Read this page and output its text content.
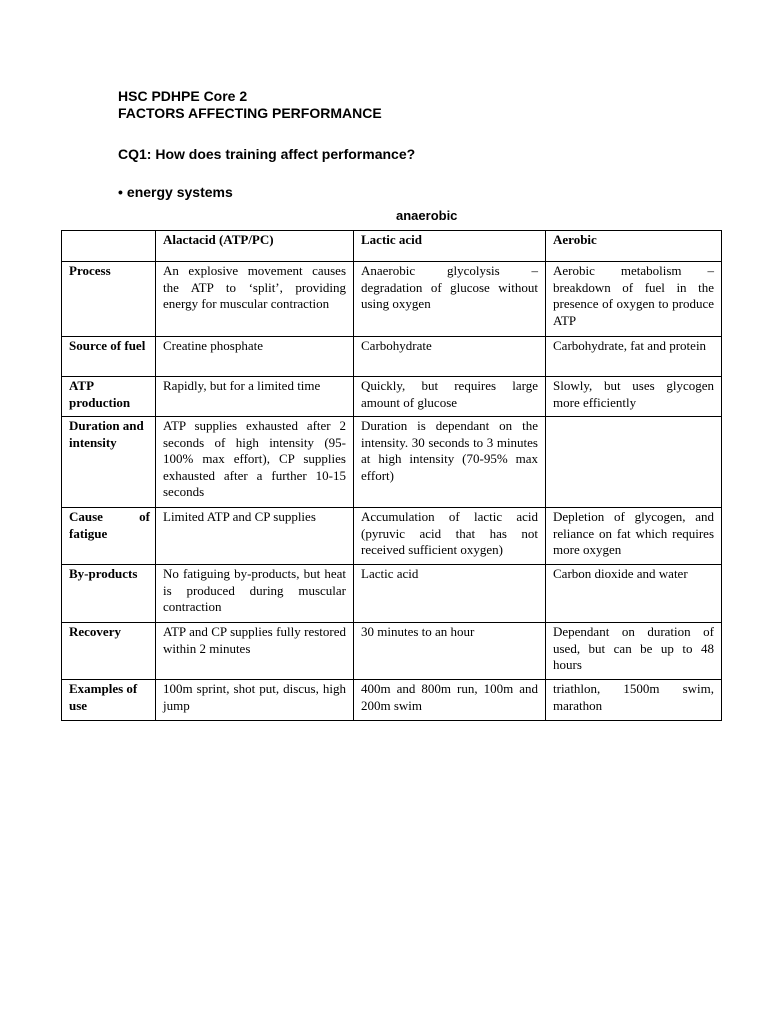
HSC PDHPE Core 2
FACTORS AFFECTING PERFORMANCE
CQ1: How does training affect performance?
• energy systems
anaerobic
	Alactacid (ATP/PC)	Lactic acid	Aerobic
Process	An explosive movement causes the ATP to ‘split’, providing energy for muscular contraction	Anaerobic glycolysis – degradation of glucose without using oxygen	Aerobic metabolism – breakdown of fuel in the presence of oxygen to produce ATP
Source of fuel	Creatine phosphate	Carbohydrate	Carbohydrate, fat and protein
ATP production	Rapidly, but for a limited time	Quickly, but requires large amount of glucose	Slowly, but uses glycogen more efficiently
Duration and intensity	ATP supplies exhausted after 2 seconds of high intensity (95-100% max effort), CP supplies exhausted after a further 10-15 seconds	Duration is dependant on the intensity. 30 seconds to 3 minutes at high intensity (70-95% max effort)	
Cause of fatigue	Limited ATP and CP supplies	Accumulation of lactic acid (pyruvic acid that has not received sufficient oxygen)	Depletion of glycogen, and reliance on fat which requires more oxygen
By-products	No fatiguing by-products, but heat is produced during muscular contraction	Lactic acid	Carbon dioxide and water
Recovery	ATP and CP supplies fully restored within 2 minutes	30 minutes to an hour	Dependant on duration of used, but can be up to 48 hours
Examples of use	100m sprint, shot put, discus, high jump	400m and 800m run, 100m and 200m swim	triathlon, 1500m swim, marathon
